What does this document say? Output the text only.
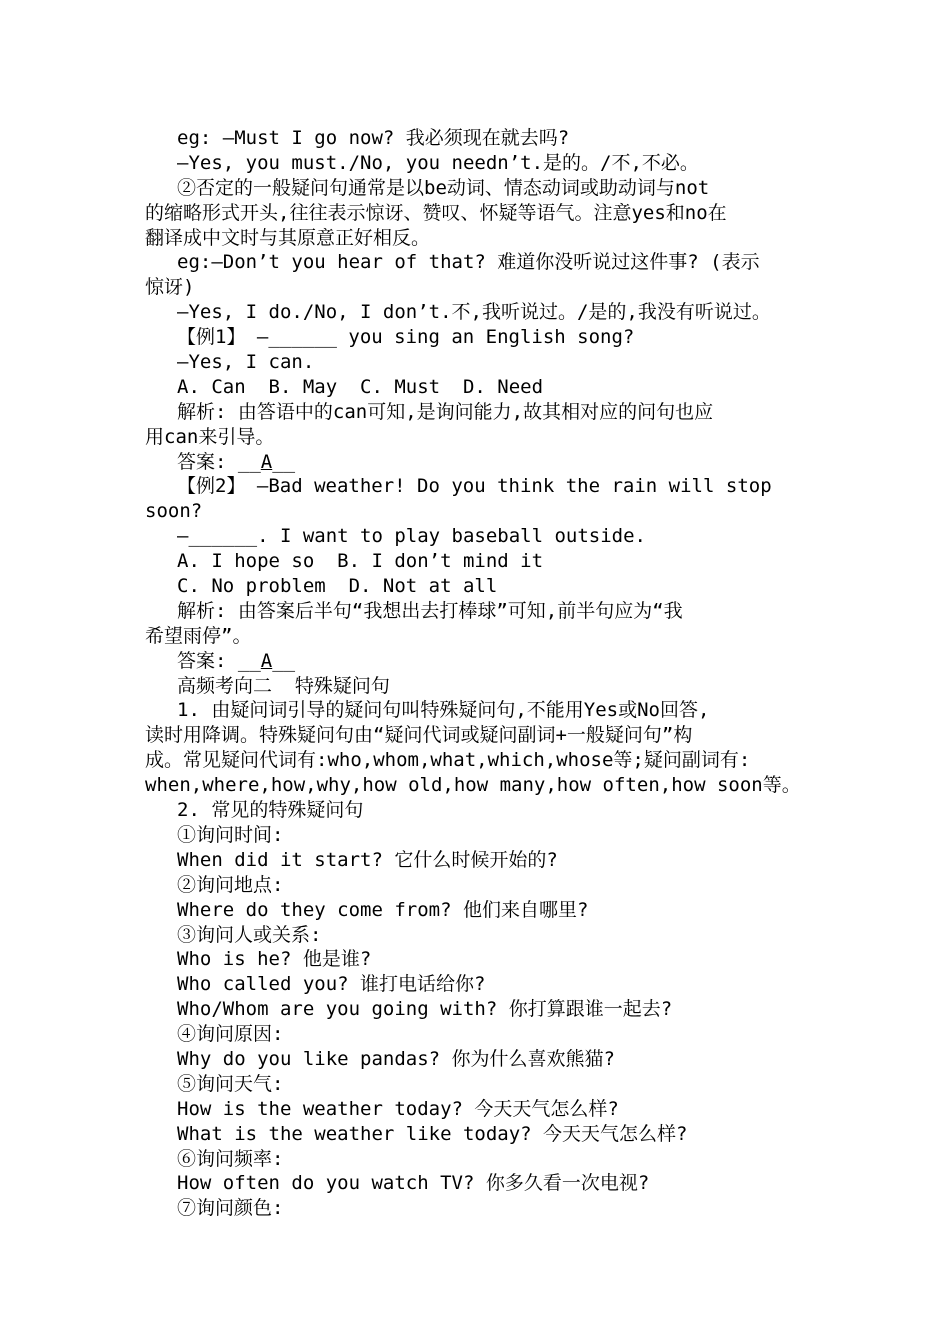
eg: —Must I go now? 我必须现在就去吗?
—Yes, you must./No, you needn’t.是的。/不,不必。
②否定的一般疑问句通常是以be动词、情态动词或助动词与not
的缩略形式开头,往往表示惊讶、赞叹、怀疑等语气。注意yes和no在
翻译成中文时与其原意正好相反。
eg:—Don’t you hear of that? 难道你没听说过这件事? (表示
惊讶)
—Yes, I do./No, I don’t.不,我听说过。/是的,我没有听说过。
【例1】 —______ you sing an English song?
—Yes, I can.
A. Can  B. May  C. Must  D. Need
解析: 由答语中的can可知,是询问能力,故其相对应的问句也应
用can来引导。
答案: __A__
【例2】 —Bad weather! Do you think the rain will stop
soon?
—______. I want to play baseball outside.
A. I hope so  B. I don’t mind it
C. No problem  D. Not at all
解析: 由答案后半句“我想出去打棒球”可知,前半句应为“我
希望雨停”。
答案: __A__
高频考向二  特殊疑问句
1. 由疑问词引导的疑问句叫特殊疑问句,不能用Yes或No回答,
读时用降调。特殊疑问句由“疑问代词或疑问副词+一般疑问句”构
成。常见疑问代词有:who,whom,what,which,whose等;疑问副词有:
when,where,how,why,how old,how many,how often,how soon等。
2. 常见的特殊疑问句
①询问时间:
When did it start? 它什么时候开始的?
②询问地点:
Where do they come from? 他们来自哪里?
③询问人或关系:
Who is he? 他是谁?
Who called you? 谁打电话给你?
Who/Whom are you going with? 你打算跟谁一起去?
④询问原因:
Why do you like pandas? 你为什么喜欢熊猫?
⑤询问天气:
How is the weather today? 今天天气怎么样?
What is the weather like today? 今天天气怎么样?
⑥询问频率:
How often do you watch TV? 你多久看一次电视?
⑦询问颜色:
